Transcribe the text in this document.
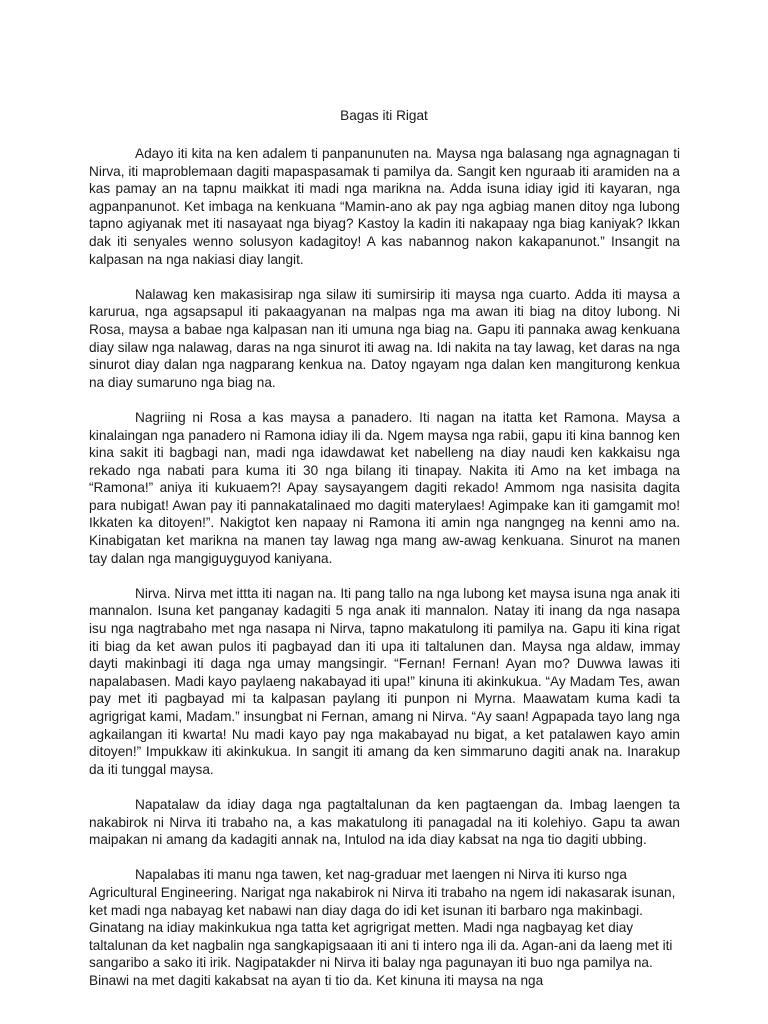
Bagas iti Rigat

Adayo iti kita na ken adalem ti panpanunuten na. Maysa nga balasang nga agnagnagan ti Nirva, iti maproblemaan dagiti mapaspasamak ti pamilya da. Sangit ken nguraab iti aramiden na a kas pamay an na tapnu maikkat iti madi nga marikna na. Adda isuna idiay igid iti kayaran, nga agpanpanunot. Ket imbaga na kenkuana “Mamin-ano ak pay nga agbiag manen ditoy nga lubong tapno agiyanak met iti nasayaat nga biyag? Kastoy la kadin iti nakapaay nga biag kaniyak? Ikkan dak iti senyales wenno solusyon kadagitoy! A kas nabannog nakon kakapanunot.” Insangit na kalpasan na nga nakiasi diay langit.

Nalawag ken makasisirap nga silaw iti sumirsirip iti maysa nga cuarto. Adda iti maysa a karurua, nga agsapsapul iti pakaagyanan na malpas nga ma awan iti biag na ditoy lubong. Ni Rosa, maysa a babae nga kalpasan nan iti umuna nga biag na. Gapu iti pannaka awag kenkuana diay silaw nga nalawag, daras na nga sinurot iti awag na. Idi nakita na tay lawag, ket daras na nga sinurot diay dalan nga nagparang kenkua na. Datoy ngayam nga dalan ken mangiturong kenkua na diay sumaruno nga biag na.

Nagriing ni Rosa a kas maysa a panadero. Iti nagan na itatta ket Ramona. Maysa a kinalaingan nga panadero ni Ramona idiay ili da. Ngem maysa nga rabii, gapu iti kina bannog ken kina sakit iti bagbagi nan, madi nga idawdawat ket nabelleng na diay naudi ken kakkaisu nga rekado nga nabati para kuma iti 30 nga bilang iti tinapay. Nakita iti Amo na ket imbaga na “Ramona!” aniya iti kukuaem?! Apay saysayangem dagiti rekado! Ammom nga nasisita dagita para nubigat! Awan pay iti pannakatalinaed mo dagiti materylaes! Agimpake kan iti gamgamit mo! Ikkaten ka ditoyen!”. Nakigtot ken napaay ni Ramona iti amin nga nangngeg na kenni amo na. Kinabigatan ket marikna na manen tay lawag nga mang aw-awag kenkuana. Sinurot na manen tay dalan nga mangiguyguyod kaniyana.

Nirva. Nirva met ittta iti nagan na. Iti pang tallo na nga lubong ket maysa isuna nga anak iti mannalon. Isuna ket panganay kadagiti 5 nga anak iti mannalon. Natay iti inang da nga nasapa isu nga nagtrabaho met nga nasapa ni Nirva, tapno makatulong iti pamilya na. Gapu iti kina rigat iti biag da ket awan pulos iti pagbayad dan iti upa iti taltalunen dan. Maysa nga aldaw, immay dayti makinbagi iti daga nga umay mangsingir. “Fernan! Fernan! Ayan mo? Duwwa lawas iti napalabasen. Madi kayo paylaeng nakabayad iti upa!” kinuna iti akinkukua. “Ay Madam Tes, awan pay met iti pagbayad mi ta kalpasan paylang iti punpon ni Myrna. Maawatam kuma kadi ta agrigrigat kami, Madam.” insungbat ni Fernan, amang ni Nirva. “Ay saan! Agpapada tayo lang nga agkailangan iti kwarta! Nu madi kayo pay nga makabayad nu bigat, a ket patalawen kayo amin ditoyen!” Impukkaw iti akinkukua. In sangit iti amang da ken simmaruno dagiti anak na. Inarakup da iti tunggal maysa.

Napatalaw da idiay daga nga pagtaltalunan da ken pagtaengan da. Imbag laengen ta nakabirok ni Nirva iti trabaho na, a kas makatulong iti panagadal na iti kolehiyo. Gapu ta awan maipakan ni amang da kadagiti annak na, Intulod na ida diay kabsat na nga tio dagiti ubbing.

Napalabas iti manu nga tawen, ket nag-graduar met laengen ni Nirva iti kurso nga Agricultural Engineering. Narigat nga nakabirok ni Nirva iti trabaho na ngem idi nakasarak isunan, ket madi nga nabayag ket nabawi nan diay daga do idi ket isunan iti barbaro nga makinbagi. Ginatang na idiay makinkukua nga tatta ket agrigrigat metten. Madi nga nagbayag ket diay taltalunan da ket nagbalin nga sangkapigsaaan iti ani ti intero nga ili da. Agan-ani da laeng met iti sangaribo a sako iti irik. Nagipatakder ni Nirva iti balay nga pagunayan iti buo nga pamilya na. Binawi na met dagiti kakabsat na ayan ti tio da. Ket kinuna iti maysa na nga
